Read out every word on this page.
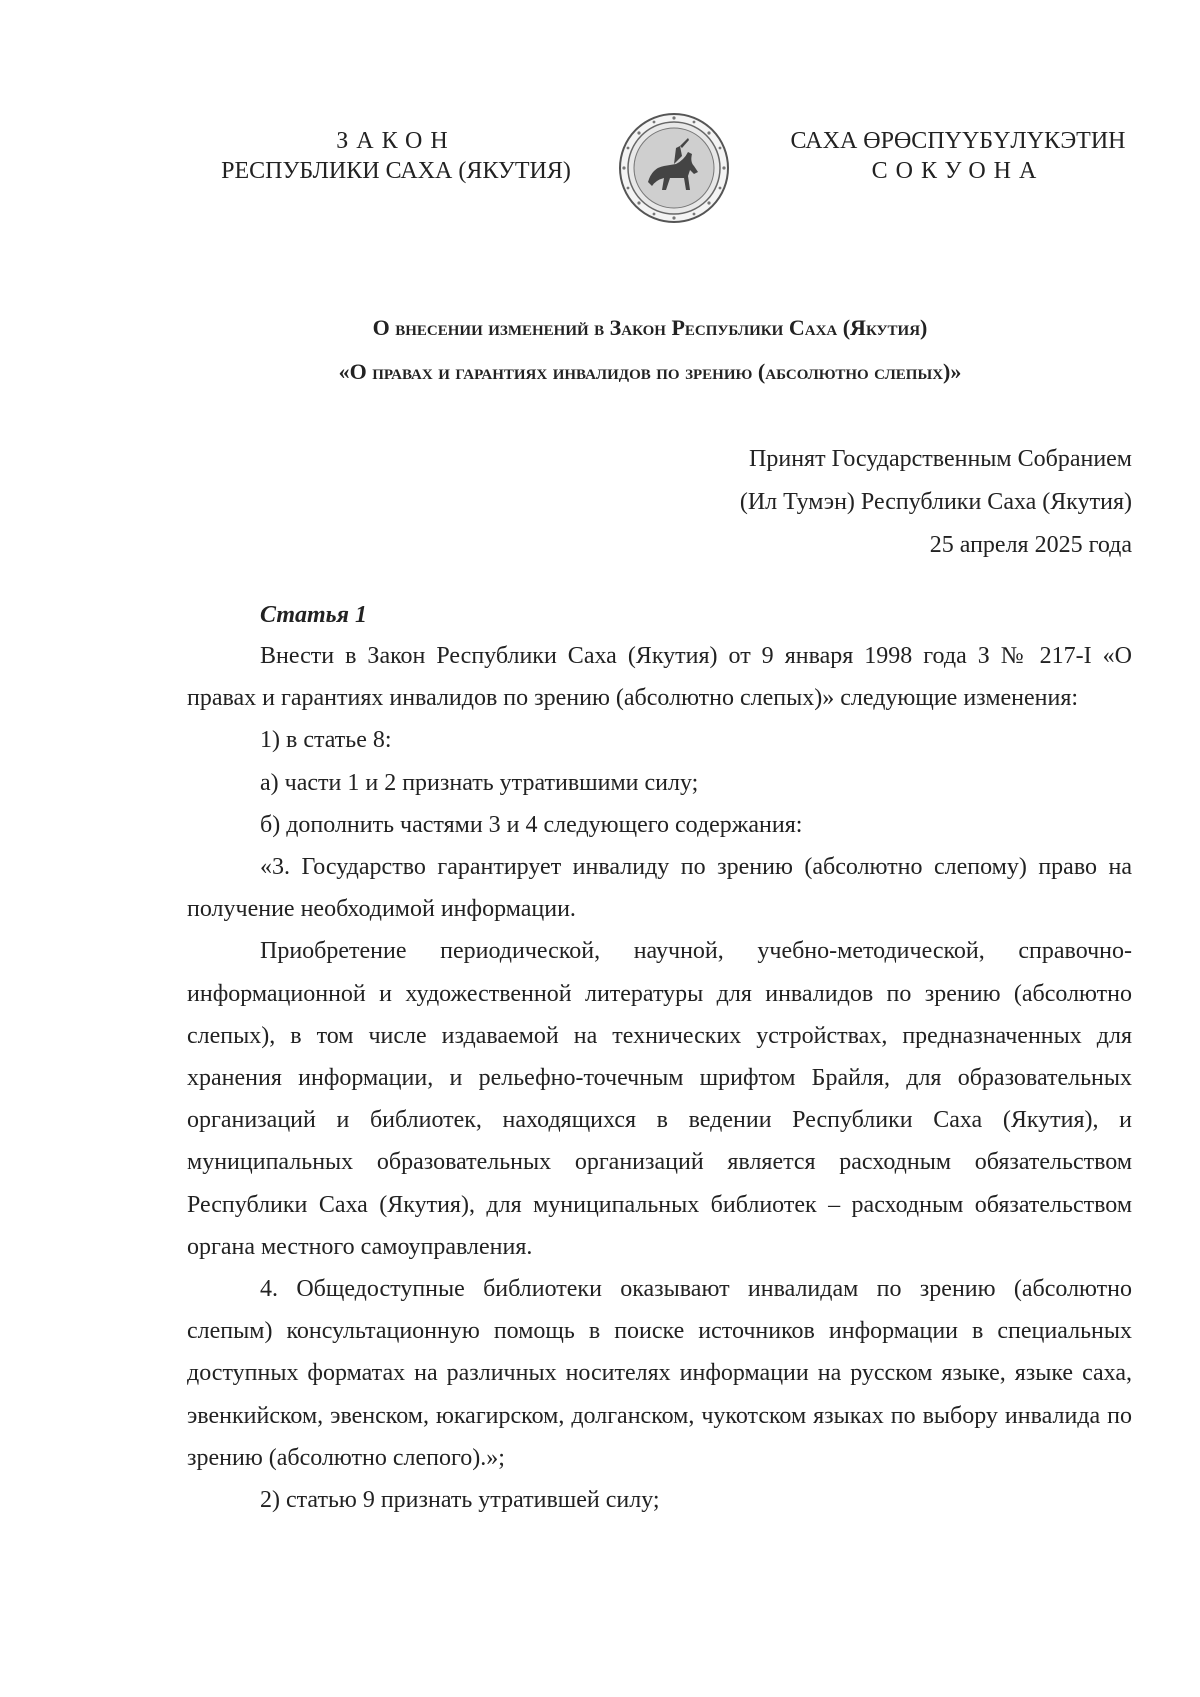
ЗАКОН
РЕСПУБЛИКИ САХА (ЯКУТИЯ)
САХА ӨРӨСПҮҮБҮЛҮКЭТИН
СОКУОНА
О внесении изменений в Закон Республики Саха (Якутия)
«О правах и гарантиях инвалидов по зрению (абсолютно слепых)»
Принят Государственным Собранием
(Ил Тумэн) Республики Саха (Якутия)
25 апреля 2025 года
Статья 1

Внести в Закон Республики Саха (Якутия) от 9 января 1998 года З № 217-I «О правах и гарантиях инвалидов по зрению (абсолютно слепых)» следующие изменения:

1) в статье 8:

а) части 1 и 2 признать утратившими силу;

б) дополнить частями 3 и 4 следующего содержания:

«3. Государство гарантирует инвалиду по зрению (абсолютно слепому) право на получение необходимой информации.

Приобретение периодической, научной, учебно-методической, справочно-информационной и художественной литературы для инвалидов по зрению (абсолютно слепых), в том числе издаваемой на технических устройствах, предназначенных для хранения информации, и рельефно-точечным шрифтом Брайля, для образовательных организаций и библиотек, находящихся в ведении Республики Саха (Якутия), и муниципальных образовательных организаций является расходным обязательством Республики Саха (Якутия), для муниципальных библиотек – расходным обязательством органа местного самоуправления.

4. Общедоступные библиотеки оказывают инвалидам по зрению (абсолютно слепым) консультационную помощь в поиске источников информации в специальных доступных форматах на различных носителях информации на русском языке, языке саха, эвенкийском, эвенском, юкагирском, долганском, чукотском языках по выбору инвалида по зрению (абсолютно слепого).»;

2) статью 9 признать утратившей силу;
